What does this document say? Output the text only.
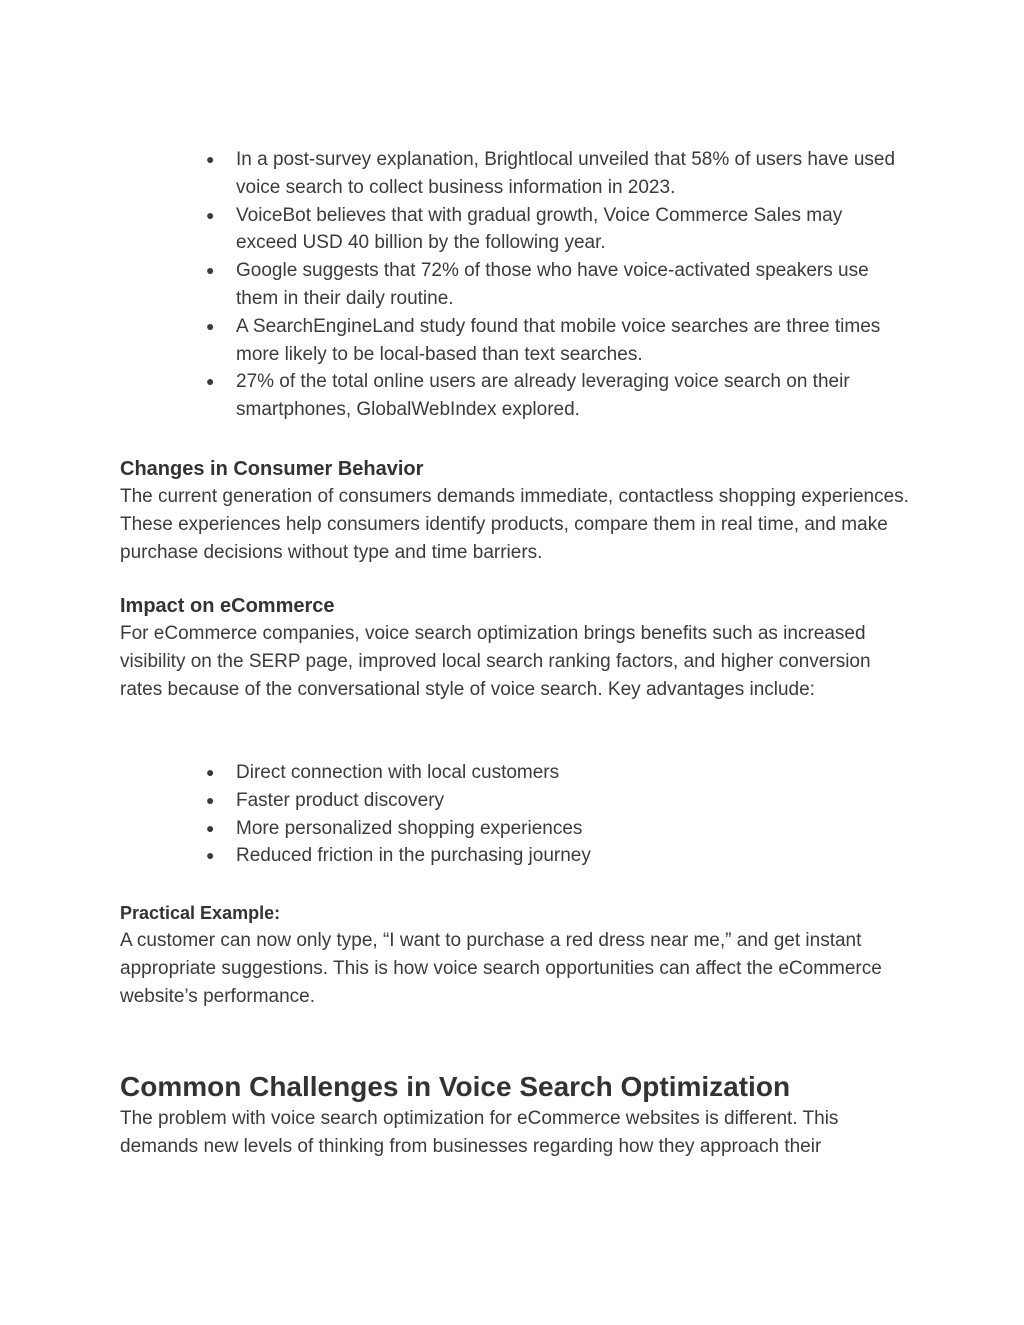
● In a post-survey explanation, Brightlocal unveiled that 58% of users have used voice search to collect business information in 2023.
● VoiceBot believes that with gradual growth, Voice Commerce Sales may exceed USD 40 billion by the following year.
● Google suggests that 72% of those who have voice-activated speakers use them in their daily routine.
● A SearchEngineLand study found that mobile voice searches are three times more likely to be local-based than text searches.
● 27% of the total online users are already leveraging voice search on their smartphones, GlobalWebIndex explored.
Changes in Consumer Behavior

The current generation of consumers demands immediate, contactless shopping experiences. These experiences help consumers identify products, compare them in real time, and make purchase decisions without type and time barriers.

Impact on eCommerce

For eCommerce companies, voice search optimization brings benefits such as increased visibility on the SERP page, improved local search ranking factors, and higher conversion rates because of the conversational style of voice search. Key advantages include:

● Direct connection with local customers
● Faster product discovery
● More personalized shopping experiences
● Reduced friction in the purchasing journey
Practical Example:

A customer can now only type, “I want to purchase a red dress near me,” and get instant appropriate suggestions. This is how voice search opportunities can affect the eCommerce website’s performance.

Common Challenges in Voice Search Optimization

The problem with voice search optimization for eCommerce websites is different. This demands new levels of thinking from businesses regarding how they approach their
